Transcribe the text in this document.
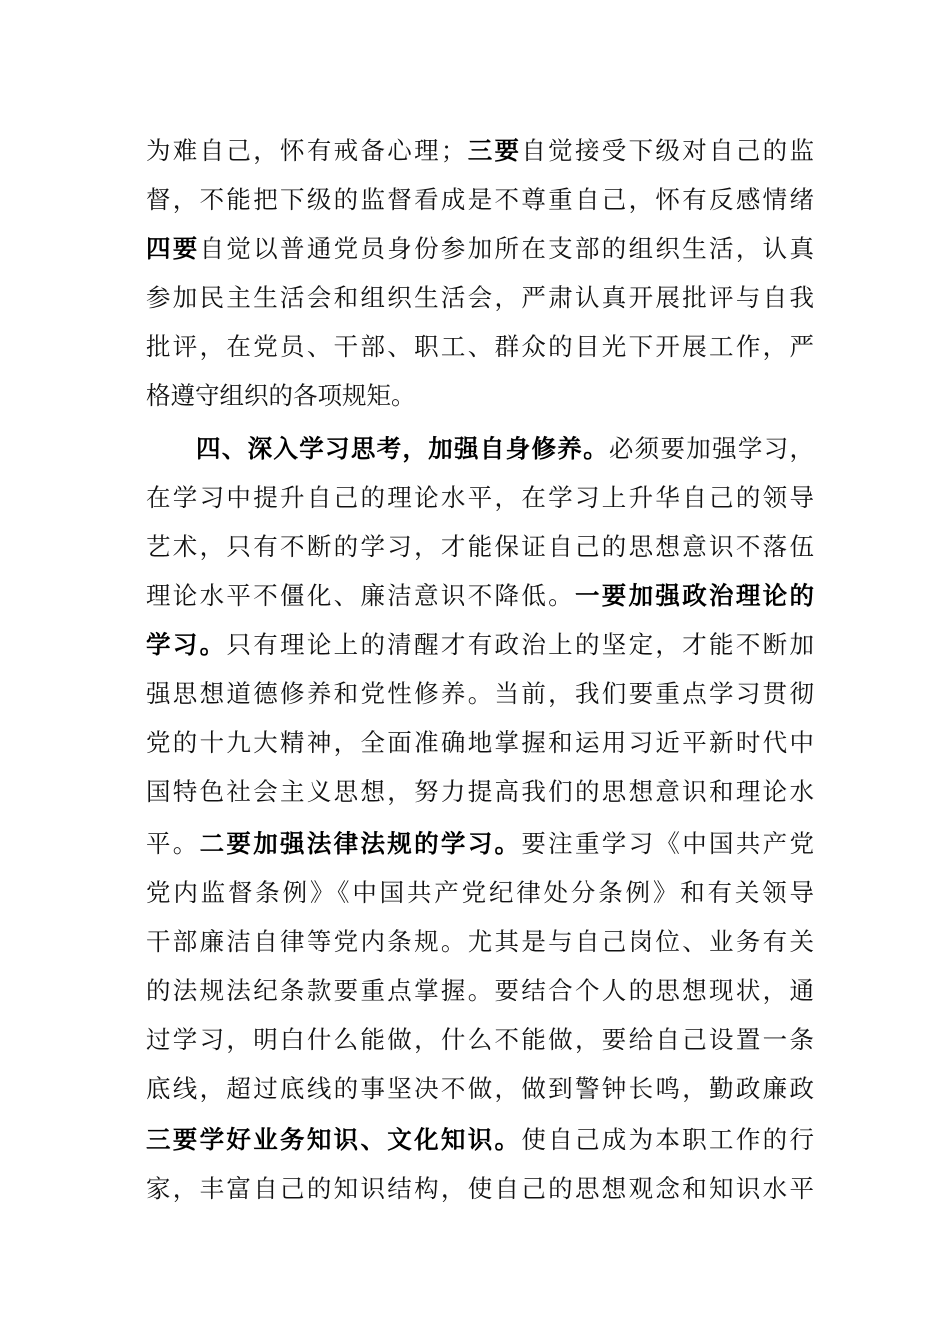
为难自己，怀有戒备心理；三要自觉接受下级对自己的监
督，不能把下级的监督看成是不尊重自己，怀有反感情绪
四要自觉以普通党员身份参加所在支部的组织生活，认真
参加民主生活会和组织生活会，严肃认真开展批评与自我
批评，在党员、干部、职工、群众的目光下开展工作，严
格遵守组织的各项规矩。
四、深入学习思考，加强自身修养。必须要加强学习，
在学习中提升自己的理论水平，在学习上升华自己的领导
艺术，只有不断的学习，才能保证自己的思想意识不落伍
理论水平不僵化、廉洁意识不降低。一要加强政治理论的
学习。只有理论上的清醒才有政治上的坚定，才能不断加
强思想道德修养和党性修养。当前，我们要重点学习贯彻
党的十九大精神，全面准确地掌握和运用习近平新时代中
国特色社会主义思想，努力提高我们的思想意识和理论水
平。二要加强法律法规的学习。要注重学习《中国共产党
党内监督条例》《中国共产党纪律处分条例》和有关领导
干部廉洁自律等党内条规。尤其是与自己岗位、业务有关
的法规法纪条款要重点掌握。要结合个人的思想现状，通
过学习，明白什么能做，什么不能做，要给自己设置一条
底线，超过底线的事坚决不做，做到警钟长鸣，勤政廉政
三要学好业务知识、文化知识。使自己成为本职工作的行
家，丰富自己的知识结构，使自己的思想观念和知识水平
